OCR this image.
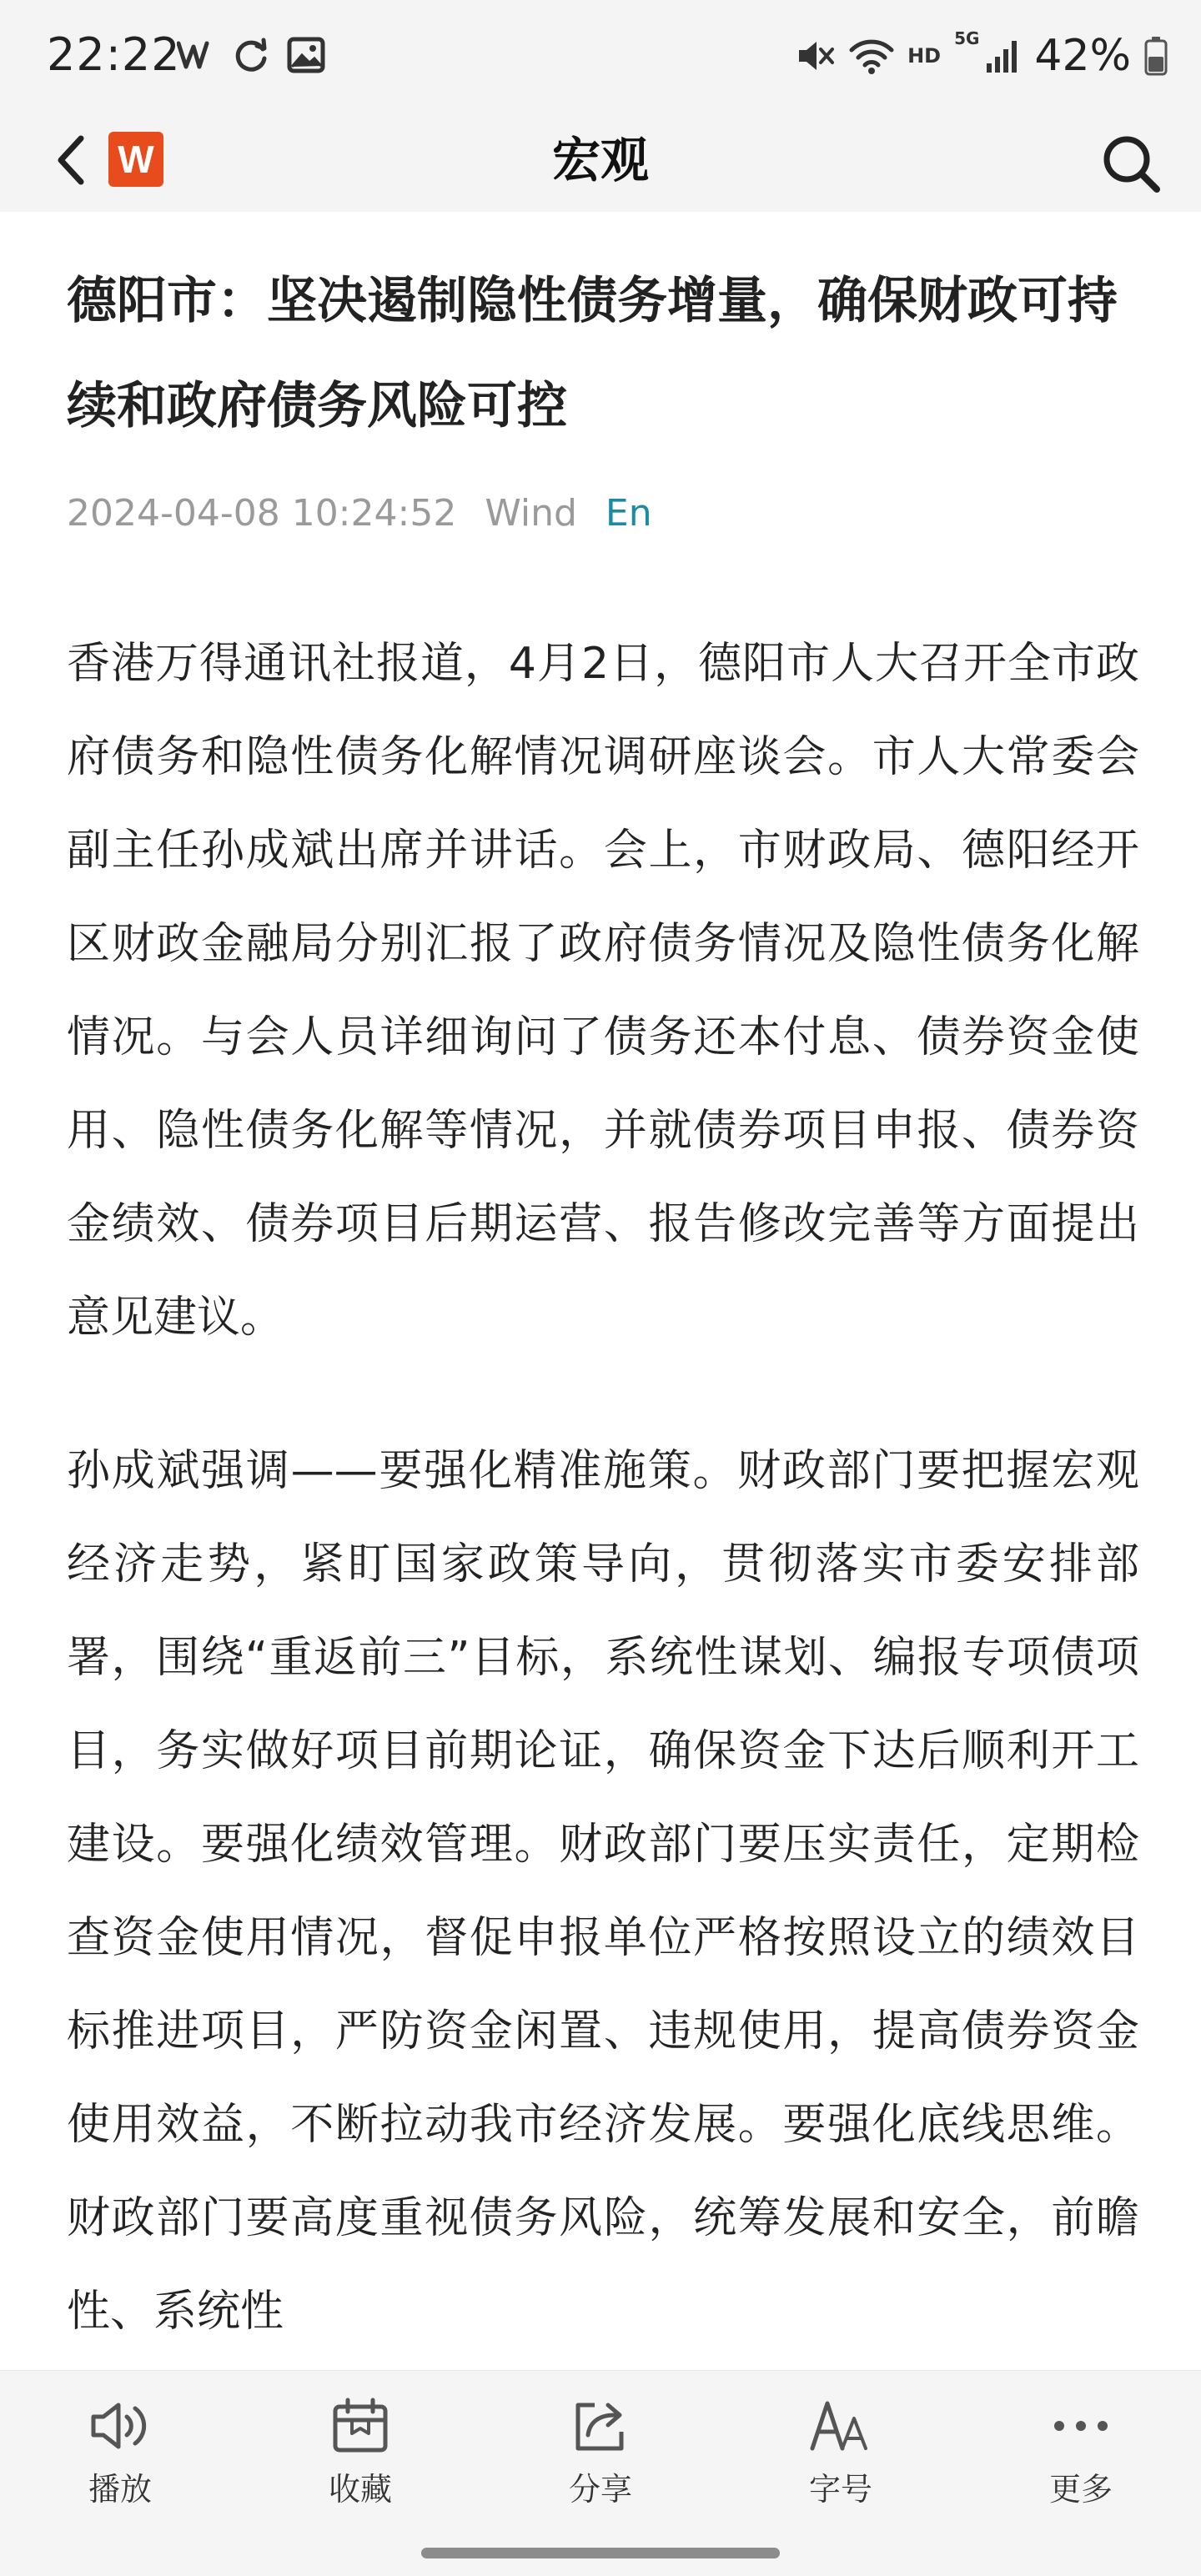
22:22	HD
5G 42%
W	宏观
德阳市：坚决遏制隐性债务增量，确保财政可持续和政府债务风险可控
2024-04-08 10:24:52 Wind En

香港万得通讯社报道，4月2日，德阳市人大召开全市政府债务和隐性债务化解情况调研座谈会。市人大常委会副主任孙成斌出席并讲话。会上，市财政局、德阳经开区财政金融局分别汇报了政府债务情况及隐性债务化解情况。与会人员详细询问了债务还本付息、债券资金使用、隐性债务化解等情况，并就债券项目申报、债券资金绩效、债券项目后期运营、报告修改完善等方面提出意见建议。

孙成斌强调——要强化精准施策。财政部门要把握宏观经济走势，紧盯国家政策导向，贯彻落实市委安排部署，围绕“重返前三”目标，系统性谋划、编报专项债项目，务实做好项目前期论证，确保资金下达后顺利开工建设。要强化绩效管理。财政部门要压实责任，定期检查资金使用情况，督促申报单位严格按照设立的绩效目标推进项目，严防资金闲置、违规使用，提高债券资金使用效益，不断拉动我市经济发展。要强化底线思维。财政部门要高度重视债务风险，统筹发展和安全，前瞻性、系统性

播放	收藏	分享	字号	更多
